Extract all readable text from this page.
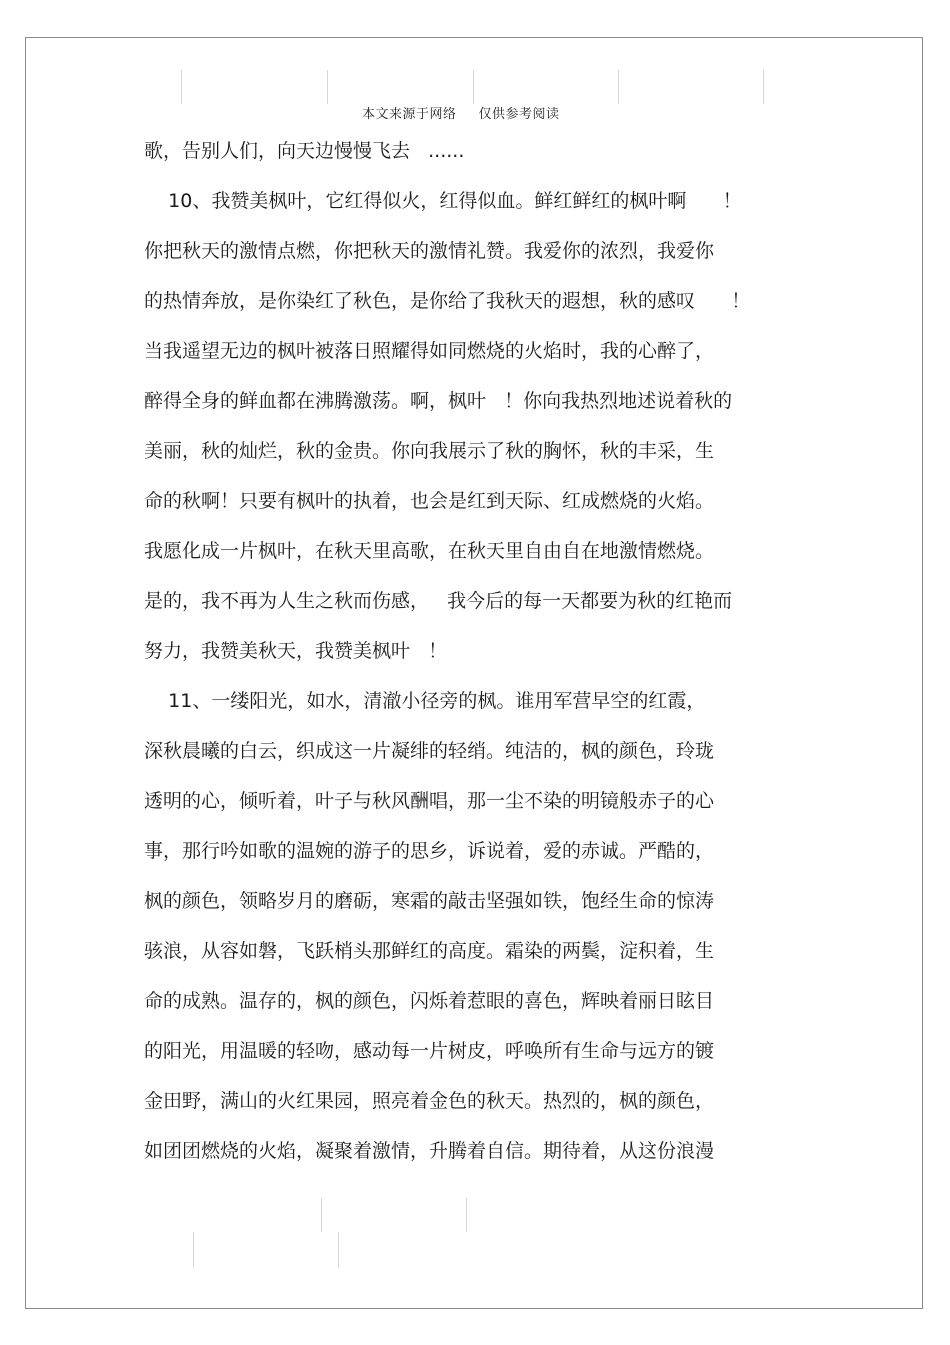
本文来源于网络 仅供参考阅读
歌，告别人们，向天边慢慢飞去   ......
10、我赞美枫叶，它红得似火，红得似血。鲜红鲜红的枫叶啊      ！
你把秋天的激情点燃，你把秋天的激情礼赞。我爱你的浓烈，我爱你
的热情奔放，是你染红了秋色，是你给了我秋天的遐想，秋的感叹      ！
当我遥望无边的枫叶被落日照耀得如同燃烧的火焰时，我的心醉了，
醉得全身的鲜血都在沸腾激荡。啊，枫叶   ！你向我热烈地述说着秋的
美丽，秋的灿烂，秋的金贵。你向我展示了秋的胸怀，秋的丰采，生
命的秋啊！只要有枫叶的执着，也会是红到天际、红成燃烧的火焰。
我愿化成一片枫叶，在秋天里高歌，在秋天里自由自在地激情燃烧。
是的，我不再为人生之秋而伤感，   我今后的每一天都要为秋的红艳而
努力，我赞美秋天，我赞美枫叶   ！
11、一缕阳光，如水，清澈小径旁的枫。谁用军营早空的红霞，
深秋晨曦的白云，织成这一片凝绯的轻绡。纯洁的，枫的颜色，玲珑
透明的心，倾听着，叶子与秋风酬唱，那一尘不染的明镜般赤子的心
事，那行吟如歌的温婉的游子的思乡，诉说着，爱的赤诚。严酷的，
枫的颜色，领略岁月的磨砺，寒霜的敲击坚强如铁，饱经生命的惊涛
骇浪，从容如磐，飞跃梢头那鲜红的高度。霜染的两鬓，淀积着，生
命的成熟。温存的，枫的颜色，闪烁着惹眼的喜色，辉映着丽日眩目
的阳光，用温暖的轻吻，感动每一片树皮，呼唤所有生命与远方的镀
金田野，满山的火红果园，照亮着金色的秋天。热烈的，枫的颜色，
如团团燃烧的火焰，凝聚着激情，升腾着自信。期待着，从这份浪漫
